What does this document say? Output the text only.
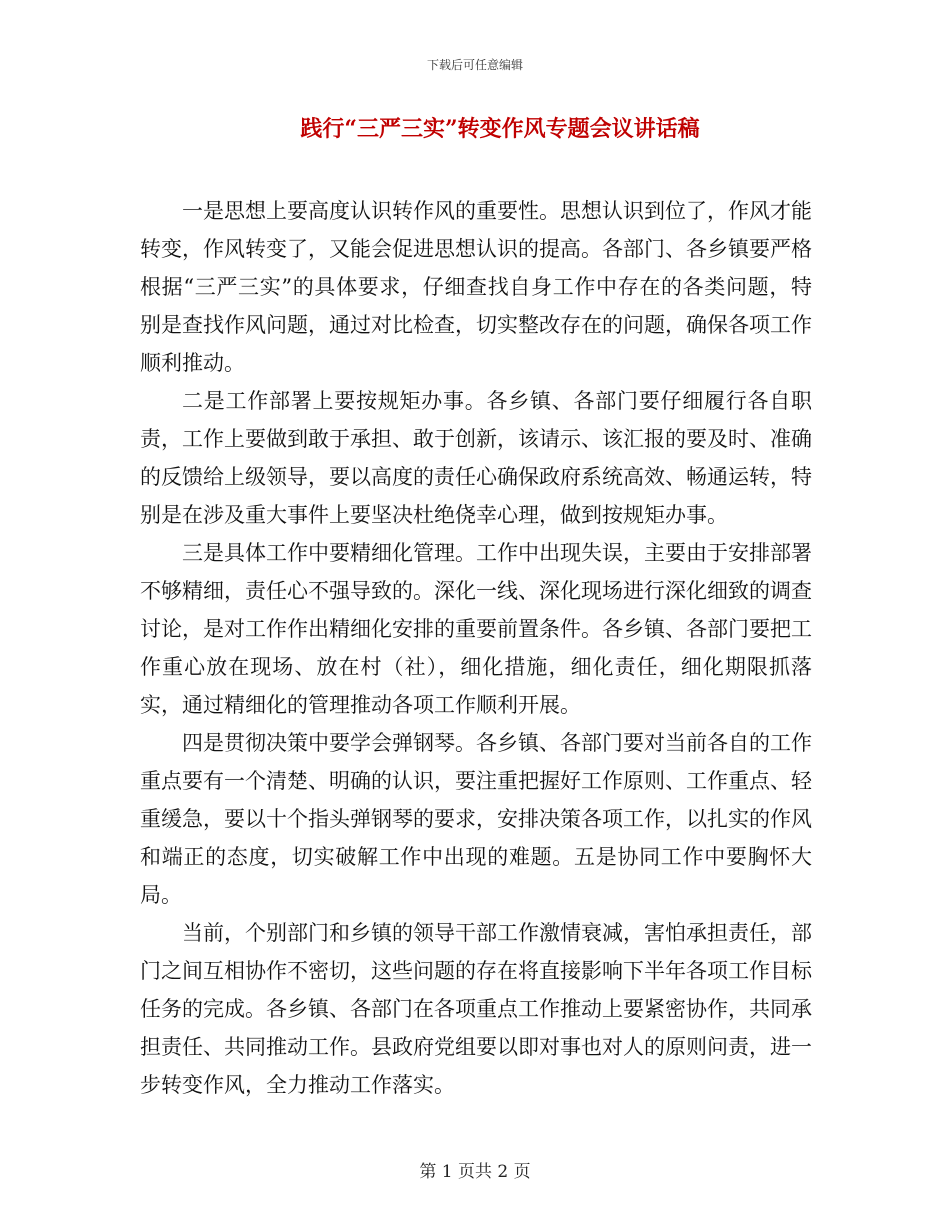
下载后可任意编辑
践行“三严三实”转变作风专题会议讲话稿

一是思想上要高度认识转作风的重要性。思想认识到位了，作风才能转变，作风转变了，又能会促进思想认识的提高。各部门、各乡镇要严格根据“三严三实”的具体要求，仔细查找自身工作中存在的各类问题，特别是查找作风问题，通过对比检查，切实整改存在的问题，确保各项工作顺利推动。

二是工作部署上要按规矩办事。各乡镇、各部门要仔细履行各自职责，工作上要做到敢于承担、敢于创新，该请示、该汇报的要及时、准确的反馈给上级领导，要以高度的责任心确保政府系统高效、畅通运转，特别是在涉及重大事件上要坚决杜绝侥幸心理，做到按规矩办事。

三是具体工作中要精细化管理。工作中出现失误，主要由于安排部署不够精细，责任心不强导致的。深化一线、深化现场进行深化细致的调查讨论，是对工作作出精细化安排的重要前置条件。各乡镇、各部门要把工作重心放在现场、放在村（社），细化措施，细化责任，细化期限抓落实，通过精细化的管理推动各项工作顺利开展。

四是贯彻决策中要学会弹钢琴。各乡镇、各部门要对当前各自的工作重点要有一个清楚、明确的认识，要注重把握好工作原则、工作重点、轻重缓急，要以十个指头弹钢琴的要求，安排决策各项工作，以扎实的作风和端正的态度，切实破解工作中出现的难题。五是协同工作中要胸怀大局。

当前，个别部门和乡镇的领导干部工作激情衰减，害怕承担责任，部门之间互相协作不密切，这些问题的存在将直接影响下半年各项工作目标任务的完成。各乡镇、各部门在各项重点工作推动上要紧密协作，共同承担责任、共同推动工作。县政府党组要以即对事也对人的原则问责，进一步转变作风，全力推动工作落实。

第 1 页共 2 页
